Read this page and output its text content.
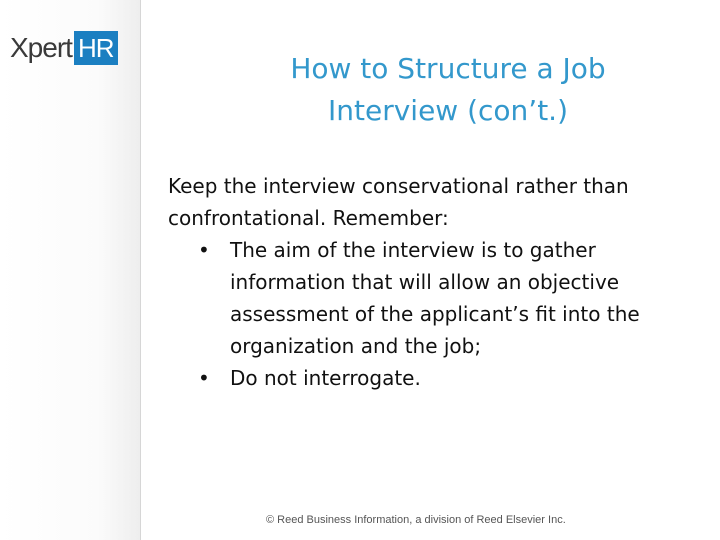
Xpert HR
How to Structure a Job
Interview (con’t.)

Keep the interview conservational rather than confrontational. Remember:

• The aim of the interview is to gather information that will allow an objective assessment of the applicant’s fit into the organization and the job;
• Do not interrogate.
© Reed Business Information, a division of Reed Elsevier Inc.
